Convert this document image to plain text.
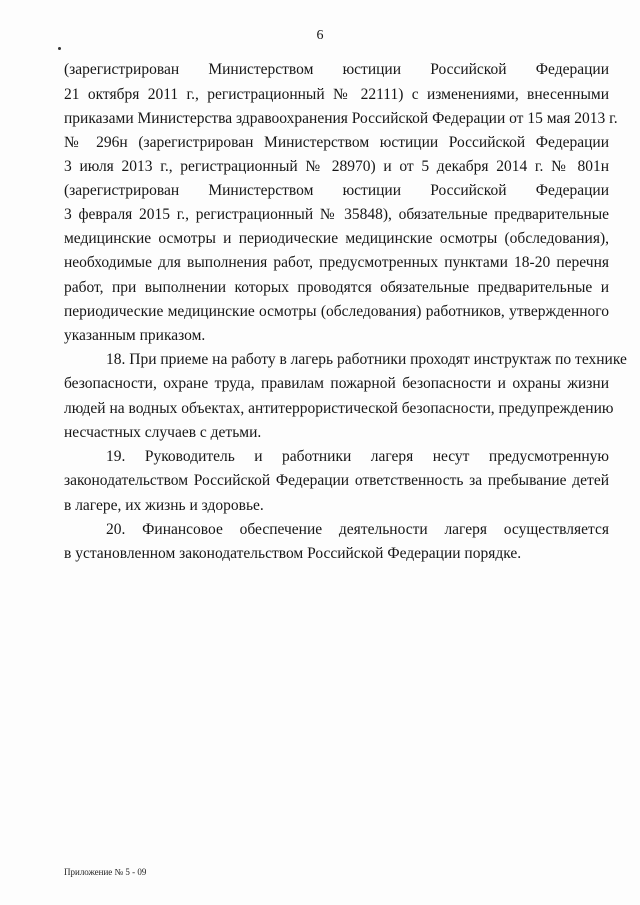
6
(зарегистрирован Министерством юстиции Российской Федерации
21 октября 2011 г., регистрационный № 22111) с изменениями, внесенными
приказами Министерства здравоохранения Российской Федерации от 15 мая 2013 г.
№ 296н (зарегистрирован Министерством юстиции Российской Федерации
3 июля 2013 г., регистрационный № 28970) и от 5 декабря 2014 г. № 801н
(зарегистрирован Министерством юстиции Российской Федерации
3 февраля 2015 г., регистрационный № 35848), обязательные предварительные
медицинские осмотры и периодические медицинские осмотры (обследования),
необходимые для выполнения работ, предусмотренных пунктами 18-20 перечня
работ, при выполнении которых проводятся обязательные предварительные и
периодические медицинские осмотры (обследования) работников, утвержденного
указанным приказом.
18. При приеме на работу в лагерь работники проходят инструктаж по технике
безопасности, охране труда, правилам пожарной безопасности и охраны жизни
людей на водных объектах, антитеррористической безопасности, предупреждению
несчастных случаев с детьми.
19. Руководитель и работники лагеря несут предусмотренную
законодательством Российской Федерации ответственность за пребывание детей
в лагере, их жизнь и здоровье.
20. Финансовое обеспечение деятельности лагеря осуществляется
в установленном законодательством Российской Федерации порядке.
Приложение № 5 - 09
